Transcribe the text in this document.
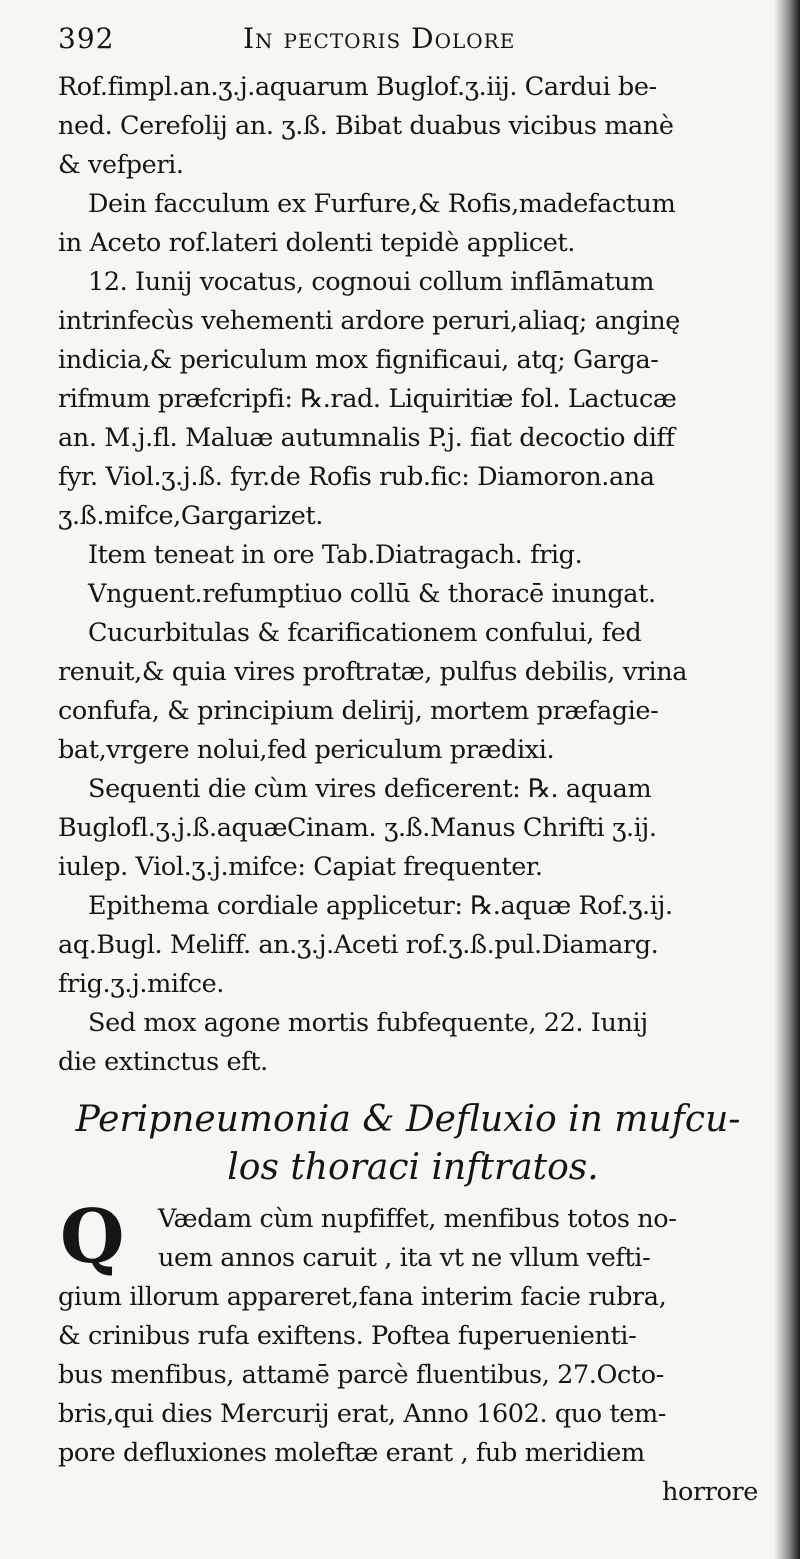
392	In pectoris Dolore
Rof.fimpl.an.ʒ.j.aquarum Buglof.ʒ.iij. Cardui be-
ned. Cerefolij an. ʒ.ß. Bibat duabus vicibus manè
& vefperi.
Dein facculum ex Furfure,& Rofis,madefactum
in Aceto rof.lateri dolenti tepidè applicet.
12. Iunij vocatus, cognoui collum inflāmatum
intrinfecùs vehementi ardore peruri,aliaq; anginę
indicia,& periculum mox fignificaui, atq; Garga-
rifmum præfcripfi: ℞.rad. Liquiritiæ fol. Lactucæ
an. M.j.fl. Maluæ autumnalis P.j. fiat decoctio diff
fyr. Viol.ʒ.j.ß. fyr.de Rofis rub.fic: Diamoron.ana
ʒ.ß.mifce,Gargarizet.
Item teneat in ore Tab.Diatragach. frig.
Vnguent.refumptiuo collū & thoracē inungat.
Cucurbitulas & fcarificationem confului, fed
renuit,& quia vires proftratæ, pulfus debilis, vrina
confufa, & principium delirij, mortem præfagie-
bat,vrgere nolui,fed periculum prædixi.
Sequenti die cùm vires deficerent: ℞. aquam
Buglofl.ʒ.j.ß.aquæCinam. ʒ.ß.Manus Chrifti ʒ.ij.
iulep. Viol.ʒ.j.mifce: Capiat frequenter.
Epithema cordiale applicetur: ℞.aquæ Rof.ʒ.ij.
aq.Bugl. Meliff. an.ʒ.j.Aceti rof.ʒ.ß.pul.Diamarg.
frig.ʒ.j.mifce.
Sed mox agone mortis fubfequente, 22. Iunij
die extinctus eft.
Peripneumonia & Defluxio in mufcu-
los thoraci inftratos.
Q	Vædam cùm nupfiffet, menfibus totos no-
uem annos caruit , ita vt ne vllum vefti-
gium illorum appareret,fana interim facie rubra,
& crinibus rufa exiftens. Poftea fuperuenienti-
bus menfibus, attamē parcè fluentibus, 27.Octo-
bris,qui dies Mercurij erat, Anno 1602. quo tem-
pore defluxiones moleftæ erant , fub meridiem
horrore
